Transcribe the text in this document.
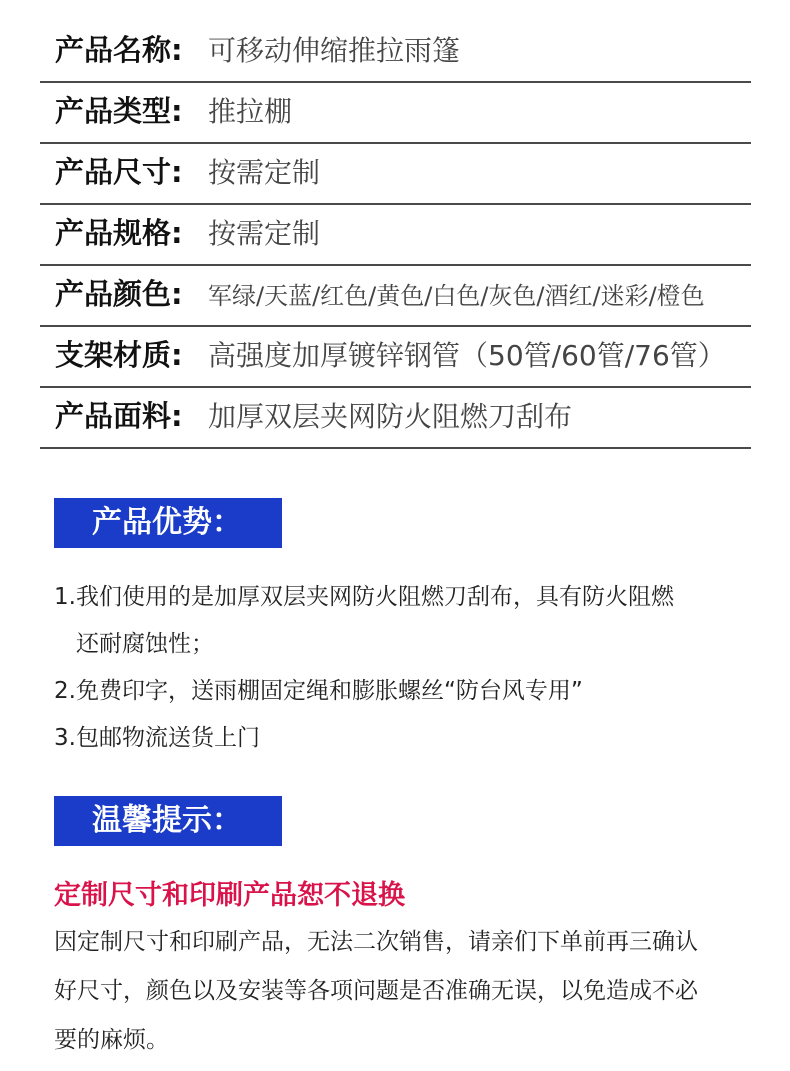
产品名称: 可移动伸缩推拉雨篷
产品类型: 推拉棚
产品尺寸: 按需定制
产品规格: 按需定制
产品颜色: 军绿/天蓝/红色/黄色/白色/灰色/酒红/迷彩/橙色
支架材质: 高强度加厚镀锌钢管（50管/60管/76管）
产品面料: 加厚双层夹网防火阻燃刀刮布
产品优势：
1.我们使用的是加厚双层夹网防火阻燃刀刮布，具有防火阻燃
还耐腐蚀性；
2.免费印字，送雨棚固定绳和膨胀螺丝“防台风专用”
3.包邮物流送货上门
温馨提示：
定制尺寸和印刷产品恕不退换
因定制尺寸和印刷产品，无法二次销售，请亲们下单前再三确认
好尺寸，颜色以及安装等各项问题是否准确无误，以免造成不必
要的麻烦。
